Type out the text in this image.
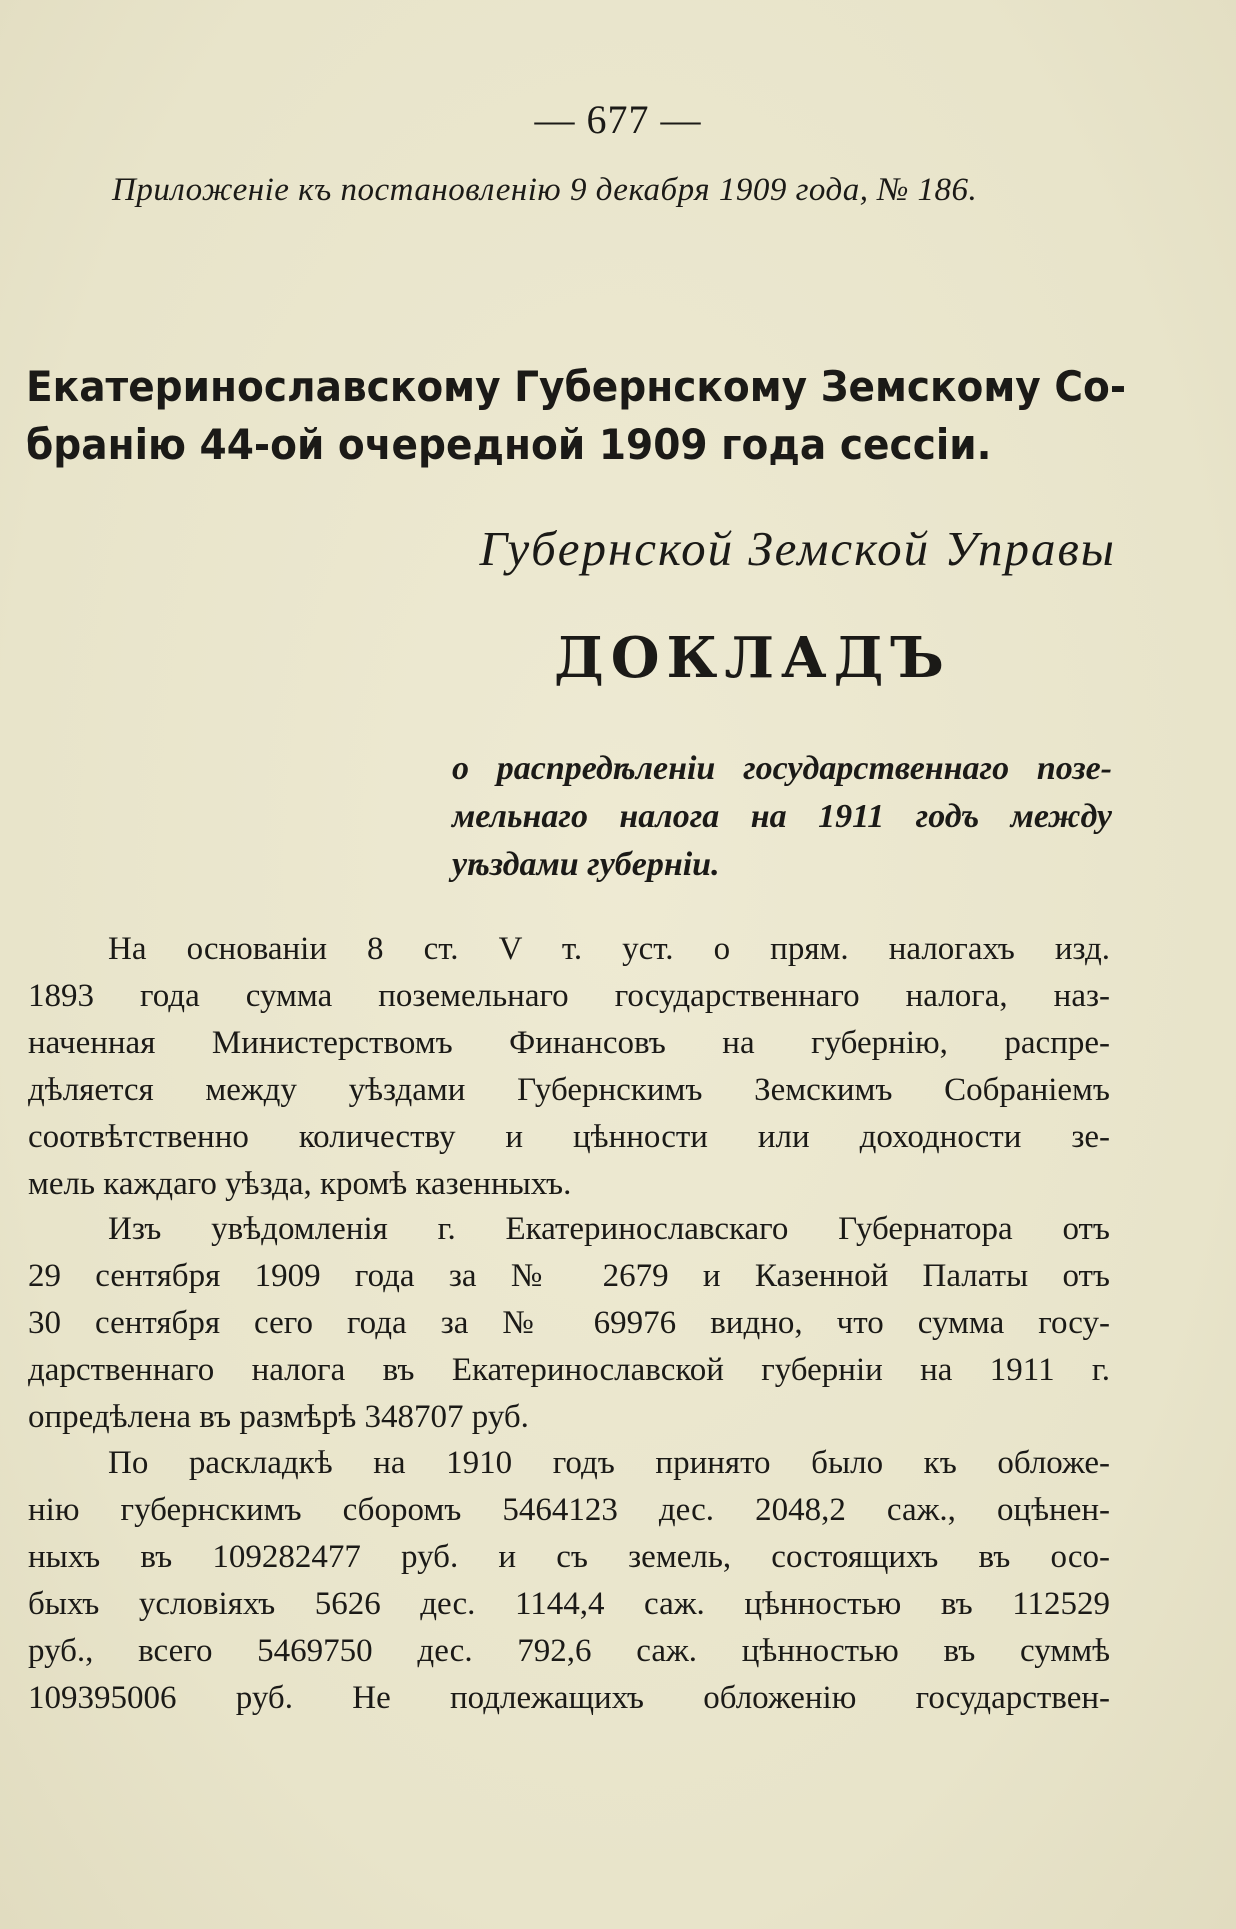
— 677 —
Приложеніе къ постановленію 9 декабря 1909 года, № 186.
Екатеринославскому Губернскому Земскому Со-
бранію 44-ой очередной 1909 года сессіи.
Губернской Земской Управы
ДОКЛАДЪ
о распредѣленіи государственнаго позе-
мельнаго налога на 1911 годъ между
уѣздами губерніи.
На основаніи 8 ст. V т. уст. о прям. налогахъ изд.
1893 года сумма поземельнаго государственнаго налога, наз-
наченная Министерствомъ Финансовъ на губернію, распре-
дѣляется между уѣздами Губернскимъ Земскимъ Собраніемъ
соотвѣтственно количеству и цѣнности или доходности зе-
мель каждаго уѣзда, кромѣ казенныхъ.
Изъ увѣдомленія г. Екатеринославскаго Губернатора отъ
29 сентября 1909 года за № 2679 и Казенной Палаты отъ
30 сентября сего года за № 69976 видно, что сумма госу-
дарственнаго налога въ Екатеринославской губерніи на 1911 г.
опредѣлена въ размѣрѣ 348707 руб.
По раскладкѣ на 1910 годъ принято было къ обложе-
нію губернскимъ сборомъ 5464123 дес. 2048,2 саж., оцѣнен-
ныхъ въ 109282477 руб. и съ земель, состоящихъ въ осо-
быхъ условіяхъ 5626 дес. 1144,4 саж. цѣнностью въ 112529
руб., всего 5469750 дес. 792,6 саж. цѣнностью въ суммѣ
109395006 руб. Не подлежащихъ обложенію государствен-
